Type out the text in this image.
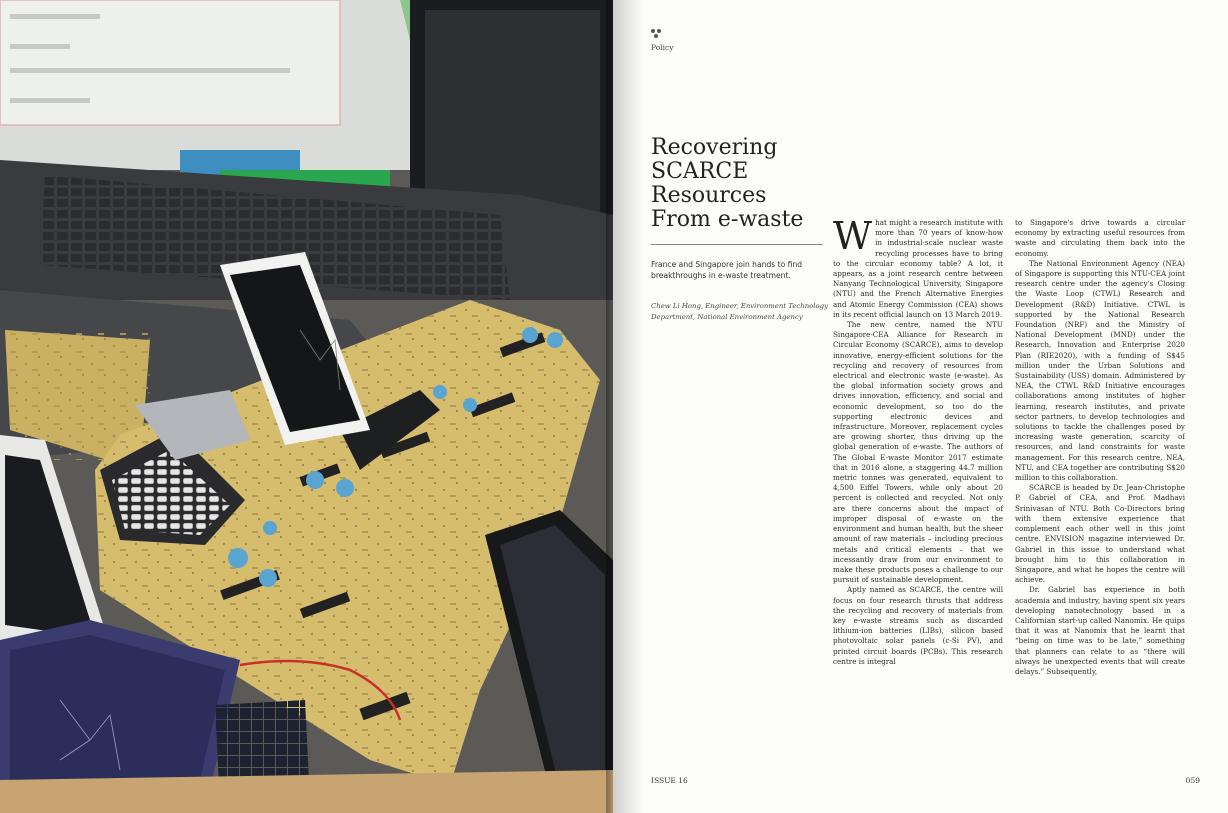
Policy
Recovering SCARCE Resources From e-waste
France and Singapore join hands to find breakthroughs in e-waste treatment.
Chew Li Hong, Engineer, Environment Technology Department, National Environment Agency
W hat might a research institute with more than 70 years of know-how in industrial-scale nuclear waste recycling processes have to bring to the circular economy table? A lot, it appears, as a joint research centre between Nanyang Technological University, Singapore (NTU) and the French Alternative Energies and Atomic Energy Commission (CEA) shows in its recent official launch on 13 March 2019.

The new centre, named the NTU Singapore-CEA Alliance for Research in Circular Economy (SCARCE), aims to develop innovative, energy-efficient solutions for the recycling and recovery of resources from electrical and electronic waste (e-waste). As the global information society grows and drives innovation, efficiency, and social and economic development, so too do the supporting electronic devices and infrastructure. Moreover, replacement cycles are growing shorter, thus driving up the global generation of e-waste. The authors of The Global E-waste Monitor 2017 estimate that in 2016 alone, a staggering 44.7 million metric tonnes was generated, equivalent to 4,500 Eiffel Towers, while only about 20 percent is collected and recycled. Not only are there concerns about the impact of improper disposal of e-waste on the environment and human health, but the sheer amount of raw materials – including precious metals and critical elements – that we incessantly draw from our environment to make these products poses a challenge to our pursuit of sustainable development.

Aptly named as SCARCE, the centre will focus on four research thrusts that address the recycling and recovery of materials from key e-waste streams such as discarded lithium-ion batteries (LIBs), silicon based photovoltaic solar panels (c-Si PV), and printed circuit boards (PCBs). This research centre is integral

to Singapore's drive towards a circular economy by extracting useful resources from waste and circulating them back into the economy.

The National Environment Agency (NEA) of Singapore is supporting this NTU-CEA joint research centre under the agency's Closing the Waste Loop (CTWL) Research and Development (R&D) Initiative. CTWL is supported by the National Research Foundation (NRF) and the Ministry of National Development (MND) under the Research, Innovation and Enterprise 2020 Plan (RIE2020), with a funding of S$45 million under the Urban Solutions and Sustainability (USS) domain. Administered by NEA, the CTWL R&D Initiative encourages collaborations among institutes of higher learning, research institutes, and private sector partners, to develop technologies and solutions to tackle the challenges posed by increasing waste generation, scarcity of resources, and land constraints for waste management. For this research centre, NEA, NTU, and CEA together are contributing S$20 million to this collaboration.

SCARCE is headed by Dr. Jean-Christophe P. Gabriel of CEA, and Prof. Madhavi Srinivasan of NTU. Both Co-Directors bring with them extensive experience that complement each other well in this joint centre. ENVISION magazine interviewed Dr. Gabriel in this issue to understand what brought him to this collaboration in Singapore, and what he hopes the centre will achieve.

Dr. Gabriel has experience in both academia and industry, having spent six years developing nanotechnology based in a Californian start-up called Nanomix. He quips that it was at Nanomix that he learnt that “being on time was to be late,” something that planners can relate to as “there will always be unexpected events that will create delays.” Subsequently,

ISSUE 16	059
